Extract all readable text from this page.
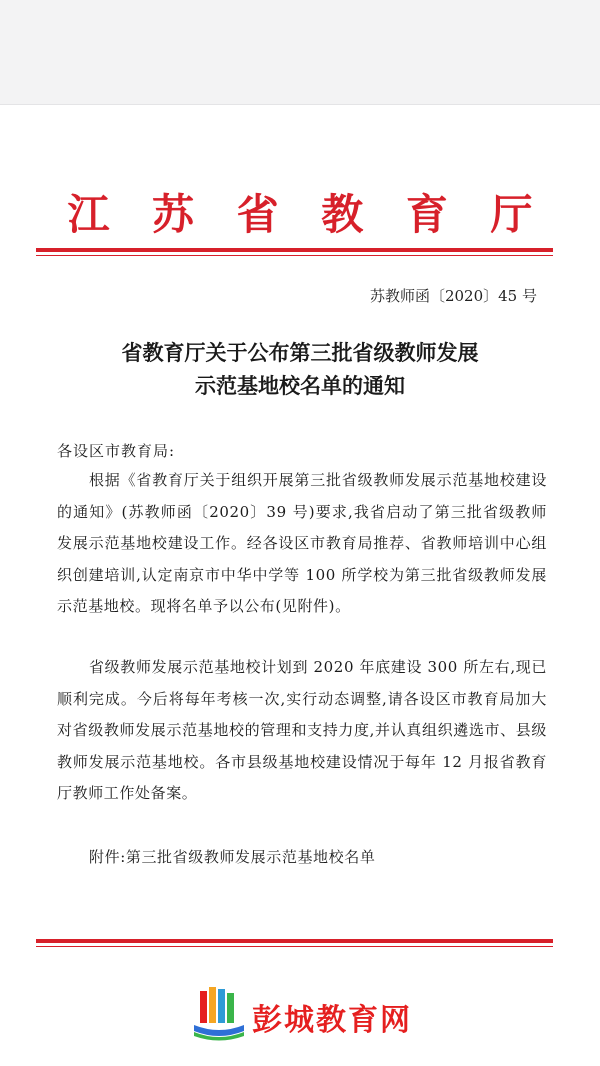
江 苏 省 教 育 厅
苏教师函〔2020〕45 号
省教育厅关于公布第三批省级教师发展
示范基地校名单的通知
各设区市教育局:

根据《省教育厅关于组织开展第三批省级教师发展示范基地校建设的通知》(苏教师函〔2020〕39 号)要求,我省启动了第三批省级教师发展示范基地校建设工作。经各设区市教育局推荐、省教师培训中心组织创建培训,认定南京市中华中学等 100 所学校为第三批省级教师发展示范基地校。现将名单予以公布(见附件)。

省级教师发展示范基地校计划到 2020 年底建设 300 所左右,现已顺利完成。今后将每年考核一次,实行动态调整,请各设区市教育局加大对省级教师发展示范基地校的管理和支持力度,并认真组织遴选市、县级教师发展示范基地校。各市县级基地校建设情况于每年 12 月报省教育厅教师工作处备案。

附件:第三批省级教师发展示范基地校名单
彭城教育网
